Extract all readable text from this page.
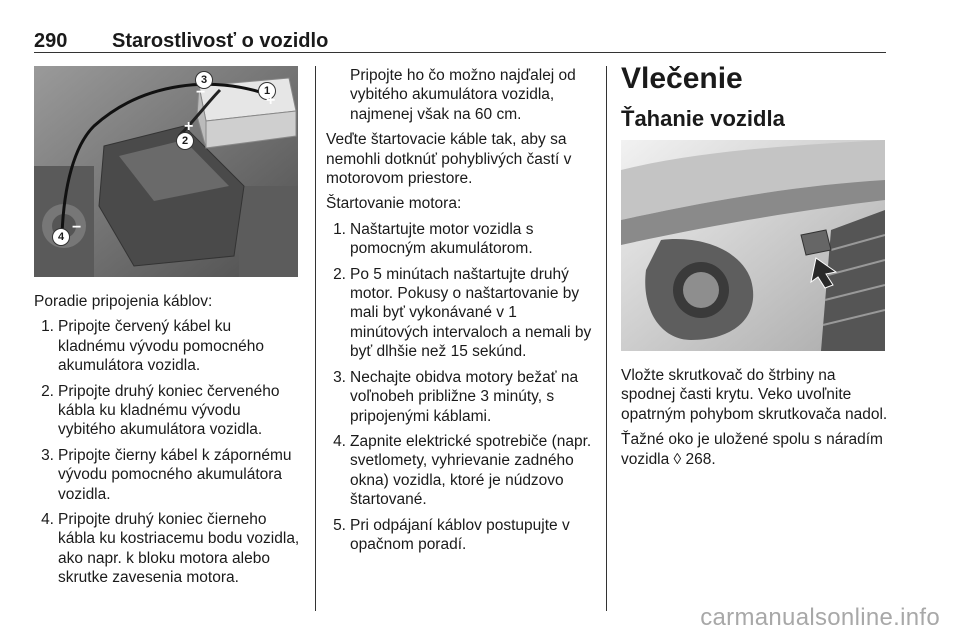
290 Starostlivosť o vozidlo
1
+
2
+
3
−
4
−

Poradie pripojenia káblov:

1. Pripojte červený kábel ku kladnému vývodu pomocného akumulátora vozidla.
2. Pripojte druhý koniec červeného kábla ku kladnému vývodu vybitého akumulátora vozidla.
3. Pripojte čierny kábel k zápornému vývodu pomocného akumulátora vozidla.
4. Pripojte druhý koniec čierneho kábla ku kostriacemu bodu vozidla, ako napr. k bloku motora alebo skrutke zavesenia motora.

Pripojte ho čo možno najďalej od vybitého akumulátora vozidla, najmenej však na 60 cm.

Veďte štartovacie káble tak, aby sa nemohli dotknúť pohyblivých častí v motorovom priestore.

Štartovanie motora:

1. Naštartujte motor vozidla s pomocným akumulátorom.
2. Po 5 minútach naštartujte druhý motor. Pokusy o naštartovanie by mali byť vykonávané v 1 minútových intervaloch a nemali by byť dlhšie než 15 sekúnd.
3. Nechajte obidva motory bežať na voľnobeh približne 3 minúty, s pripojenými káblami.
4. Zapnite elektrické spotrebiče (napr. svetlomety, vyhrievanie zadného okna) vozidla, ktoré je núdzovo štartované.
5. Pri odpájaní káblov postupujte v opačnom poradí.
Vlečenie
Ťahanie vozidla

Vložte skrutkovač do štrbiny na spodnej časti krytu. Veko uvoľnite opatrným pohybom skrutkovača nadol.

Ťažné oko je uložené spolu s náradím vozidla ◊ 268.

carmanualsonline.info
